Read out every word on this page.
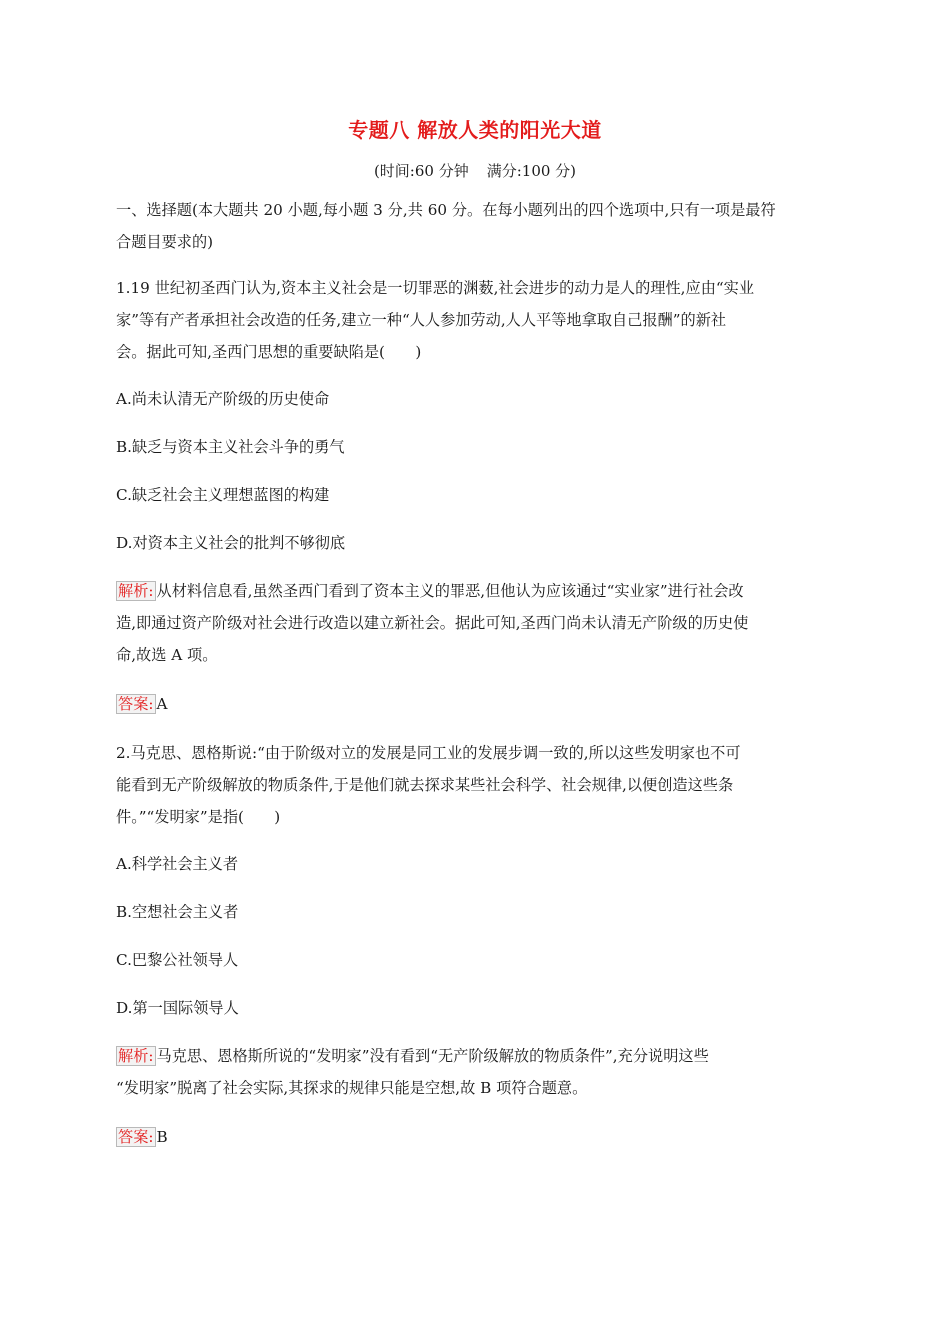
专题八 解放人类的阳光大道
(时间:60 分钟 满分:100 分)
一、选择题(本大题共 20 小题,每小题 3 分,共 60 分。在每小题列出的四个选项中,只有一项是最符
合题目要求的)
1.19 世纪初圣西门认为,资本主义社会是一切罪恶的渊薮,社会进步的动力是人的理性,应由“实业
家”等有产者承担社会改造的任务,建立一种“人人参加劳动,人人平等地拿取自己报酬”的新社
会。据此可知,圣西门思想的重要缺陷是(　　)
A.尚未认清无产阶级的历史使命
B.缺乏与资本主义社会斗争的勇气
C.缺乏社会主义理想蓝图的构建
D.对资本主义社会的批判不够彻底
解析: 从材料信息看,虽然圣西门看到了资本主义的罪恶,但他认为应该通过“实业家”进行社会改
造,即通过资产阶级对社会进行改造以建立新社会。据此可知,圣西门尚未认清无产阶级的历史使
命,故选 A 项。
答案: A
2.马克思、恩格斯说:“由于阶级对立的发展是同工业的发展步调一致的,所以这些发明家也不可
能看到无产阶级解放的物质条件,于是他们就去探求某些社会科学、社会规律,以便创造这些条
件。”“发明家”是指(　　)
A.科学社会主义者
B.空想社会主义者
C.巴黎公社领导人
D.第一国际领导人
解析: 马克思、恩格斯所说的“发明家”没有看到“无产阶级解放的物质条件”,充分说明这些
“发明家”脱离了社会实际,其探求的规律只能是空想,故 B 项符合题意。
答案: B
